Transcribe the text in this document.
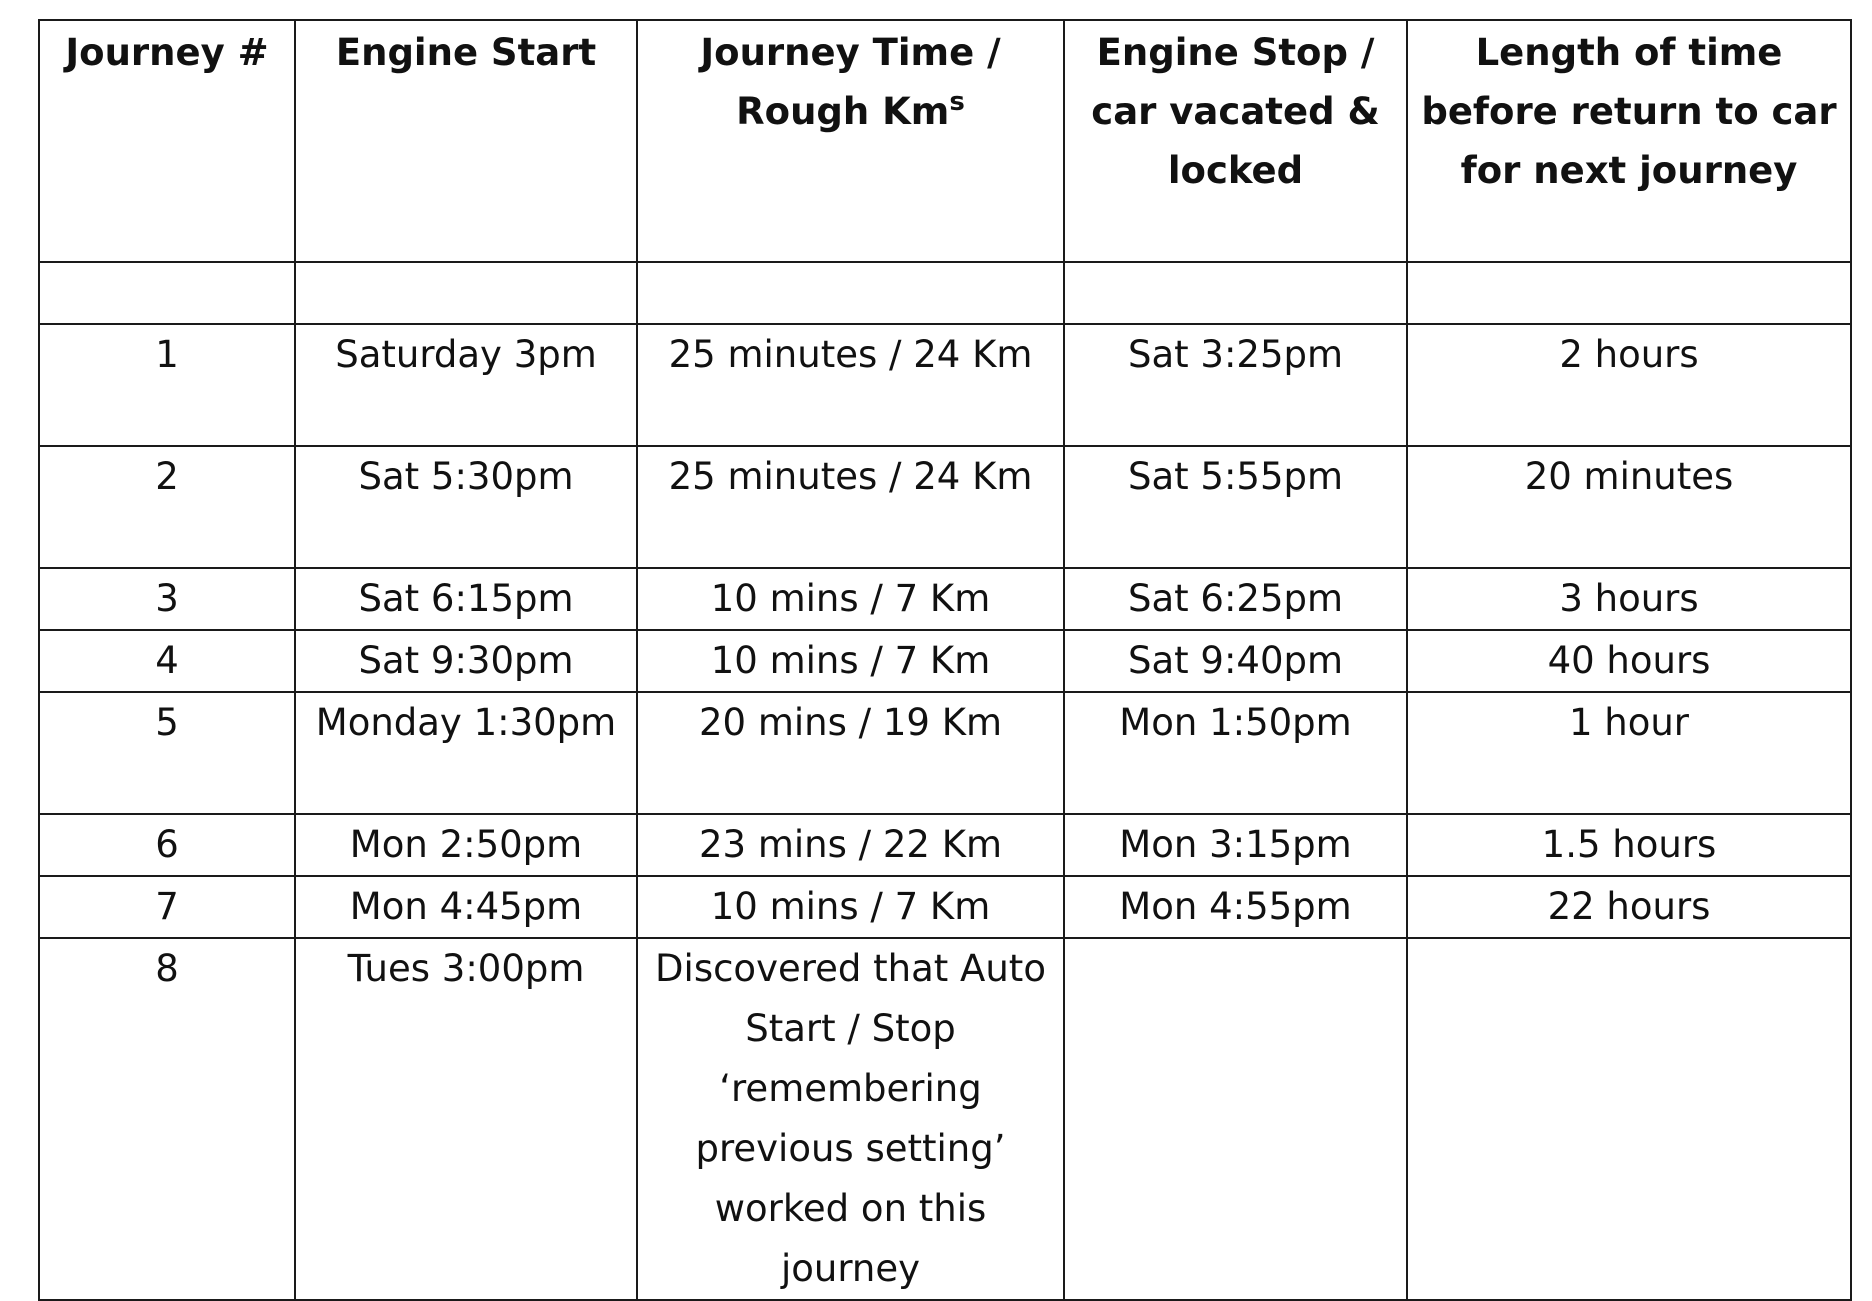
Journey #	Engine Start	Journey Time / Rough Km$^s$	Engine Stop / car vacated & locked	Length of time before return to car for next journey

1	Saturday 3pm	25 minutes / 24 Km	Sat 3:25pm	2 hours
2	Sat 5:30pm	25 minutes / 24 Km	Sat 5:55pm	20 minutes
3	Sat 6:15pm	10 mins / 7 Km	Sat 6:25pm	3 hours
4	Sat 9:30pm	10 mins / 7 Km	Sat 9:40pm	40 hours
5	Monday 1:30pm	20 mins / 19 Km	Mon 1:50pm	1 hour
6	Mon 2:50pm	23 mins / 22 Km	Mon 3:15pm	1.5 hours
7	Mon 4:45pm	10 mins / 7 Km	Mon 4:55pm	22 hours
8	Tues 3:00pm	Discovered that Auto Start / Stop ‘remembering previous setting’ worked on this journey		
